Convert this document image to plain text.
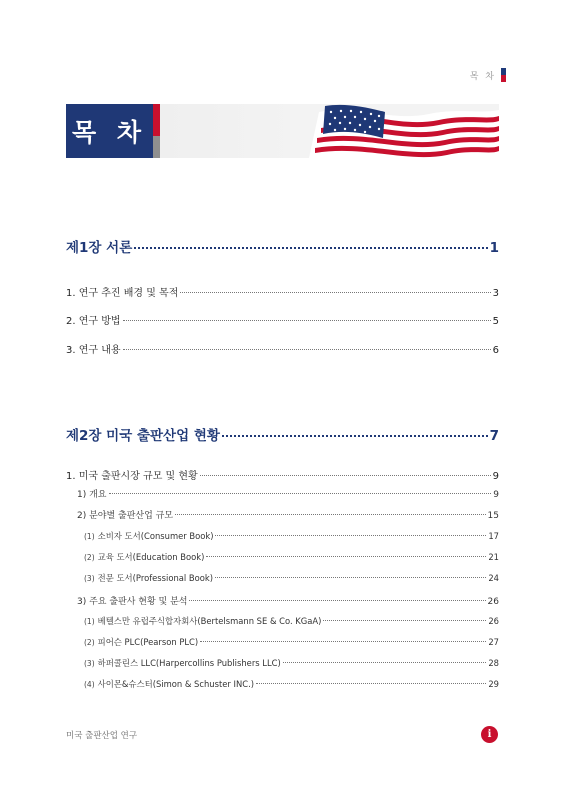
목 차
목 차
제1장 서론	1
1. 연구 추진 배경 및 목적	3
2. 연구 방법	5
3. 연구 내용	6
제2장 미국 출판산업 현황	7
1. 미국 출판시장 규모 및 현황	9
1) 개요	9
2) 분야별 출판산업 규모	15
(1) 소비자 도서(Consumer Book)	17
(2) 교육 도서(Education Book)	21
(3) 전문 도서(Professional Book)	24
3) 주요 출판사 현황 및 분석	26
(1) 베텔스만 유럽주식합자회사(Bertelsmann SE & Co. KGaA)	26
(2) 피어슨 PLC(Pearson PLC)	27
(3) 하퍼콜린스 LLC(Harpercollins Publishers LLC)	28
(4) 사이몬&슈스터(Simon & Schuster INC.)	29
미국 출판산업 연구	i
